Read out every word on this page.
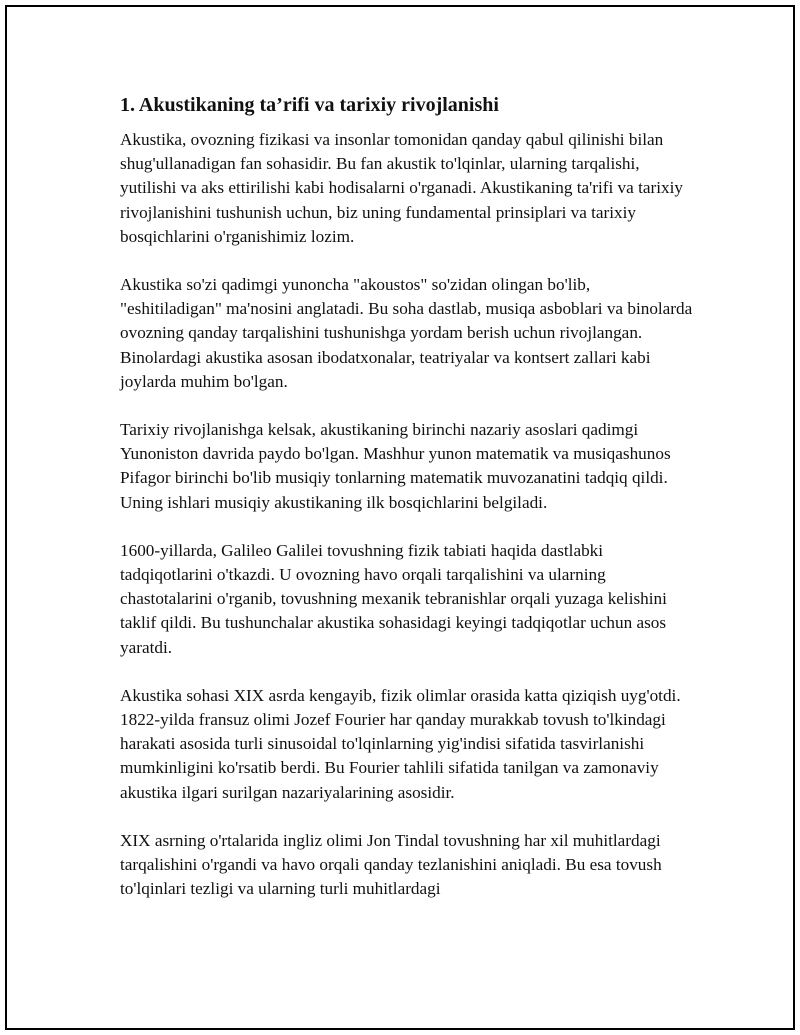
1. Akustikaning ta’rifi va tarixiy rivojlanishi

Akustika, ovozning fizikasi va insonlar tomonidan qanday qabul qilinishi bilan shug'ullanadigan fan sohasidir. Bu fan akustik to'lqinlar, ularning tarqalishi, yutilishi va aks ettirilishi kabi hodisalarni o'rganadi. Akustikaning ta'rifi va tarixiy rivojlanishini tushunish uchun, biz uning fundamental prinsiplari va tarixiy bosqichlarini o'rganishimiz lozim.

Akustika so'zi qadimgi yunoncha "akoustos" so'zidan olingan bo'lib, "eshitiladigan" ma'nosini anglatadi. Bu soha dastlab, musiqa asboblari va binolarda ovozning qanday tarqalishini tushunishga yordam berish uchun rivojlangan. Binolardagi akustika asosan ibodatxonalar, teatriyalar va kontsert zallari kabi joylarda muhim bo'lgan.

Tarixiy rivojlanishga kelsak, akustikaning birinchi nazariy asoslari qadimgi Yunoniston davrida paydo bo'lgan. Mashhur yunon matematik va musiqashunos Pifagor birinchi bo'lib musiqiy tonlarning matematik muvozanatini tadqiq qildi. Uning ishlari musiqiy akustikaning ilk bosqichlarini belgiladi.

1600-yillarda, Galileo Galilei tovushning fizik tabiati haqida dastlabki tadqiqotlarini o'tkazdi. U ovozning havo orqali tarqalishini va ularning chastotalarini o'rganib, tovushning mexanik tebranishlar orqali yuzaga kelishini taklif qildi. Bu tushunchalar akustika sohasidagi keyingi tadqiqotlar uchun asos yaratdi.

Akustika sohasi XIX asrda kengayib, fizik olimlar orasida katta qiziqish uyg'otdi. 1822-yilda fransuz olimi Jozef Fourier har qanday murakkab tovush to'lkindagi harakati asosida turli sinusoidal to'lqinlarning yig'indisi sifatida tasvirlanishi mumkinligini ko'rsatib berdi. Bu Fourier tahlili sifatida tanilgan va zamonaviy akustika ilgari surilgan nazariyalarining asosidir.

XIX asrning o'rtalarida ingliz olimi Jon Tindal tovushning har xil muhitlardagi tarqalishini o'rgandi va havo orqali qanday tezlanishini aniqladi. Bu esa tovush to'lqinlari tezligi va ularning turli muhitlardagi
